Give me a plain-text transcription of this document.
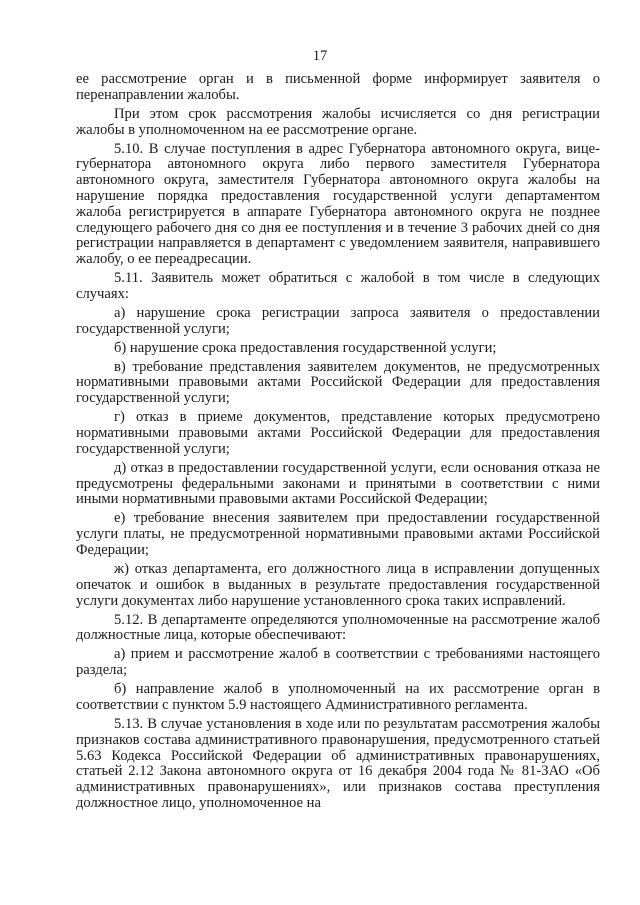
17

ее рассмотрение орган и в письменной форме информирует заявителя о перенаправлении жалобы.

При этом срок рассмотрения жалобы исчисляется со дня регистрации жалобы в уполномоченном на ее рассмотрение органе.

5.10. В случае поступления в адрес Губернатора автономного округа, вице-губернатора автономного округа либо первого заместителя Губернатора автономного округа, заместителя Губернатора автономного округа жалобы на нарушение порядка предоставления государственной услуги департаментом жалоба регистрируется в аппарате Губернатора автономного округа не позднее следующего рабочего дня со дня ее поступления и в течение 3 рабочих дней со дня регистрации направляется в департамент с уведомлением заявителя, направившего жалобу, о ее переадресации.

5.11. Заявитель может обратиться с жалобой в том числе в следующих случаях:

а) нарушение срока регистрации запроса заявителя о предоставлении государственной услуги;

б) нарушение срока предоставления государственной услуги;

в) требование представления заявителем документов, не предусмотренных нормативными правовыми актами Российской Федерации для предоставления государственной услуги;

г) отказ в приеме документов, представление которых предусмотрено нормативными правовыми актами Российской Федерации для предоставления государственной услуги;

д) отказ в предоставлении государственной услуги, если основания отказа не предусмотрены федеральными законами и принятыми в соответствии с ними иными нормативными правовыми актами Российской Федерации;

е) требование внесения заявителем при предоставлении государственной услуги платы, не предусмотренной нормативными правовыми актами Российской Федерации;

ж) отказ департамента, его должностного лица в исправлении допущенных опечаток и ошибок в выданных в результате предоставления государственной услуги документах либо нарушение установленного срока таких исправлений.

5.12. В департаменте определяются уполномоченные на рассмотрение жалоб должностные лица, которые обеспечивают:

а) прием и рассмотрение жалоб в соответствии с требованиями настоящего раздела;

б) направление жалоб в уполномоченный на их рассмотрение орган в соответствии с пунктом 5.9 настоящего Административного регламента.

5.13. В случае установления в ходе или по результатам рассмотрения жалобы признаков состава административного правонарушения, предусмотренного статьей 5.63 Кодекса Российской Федерации об административных правонарушениях, статьей 2.12 Закона автономного округа от 16 декабря 2004 года № 81-ЗАО «Об административных правонарушениях», или признаков состава преступления должностное лицо, уполномоченное на
